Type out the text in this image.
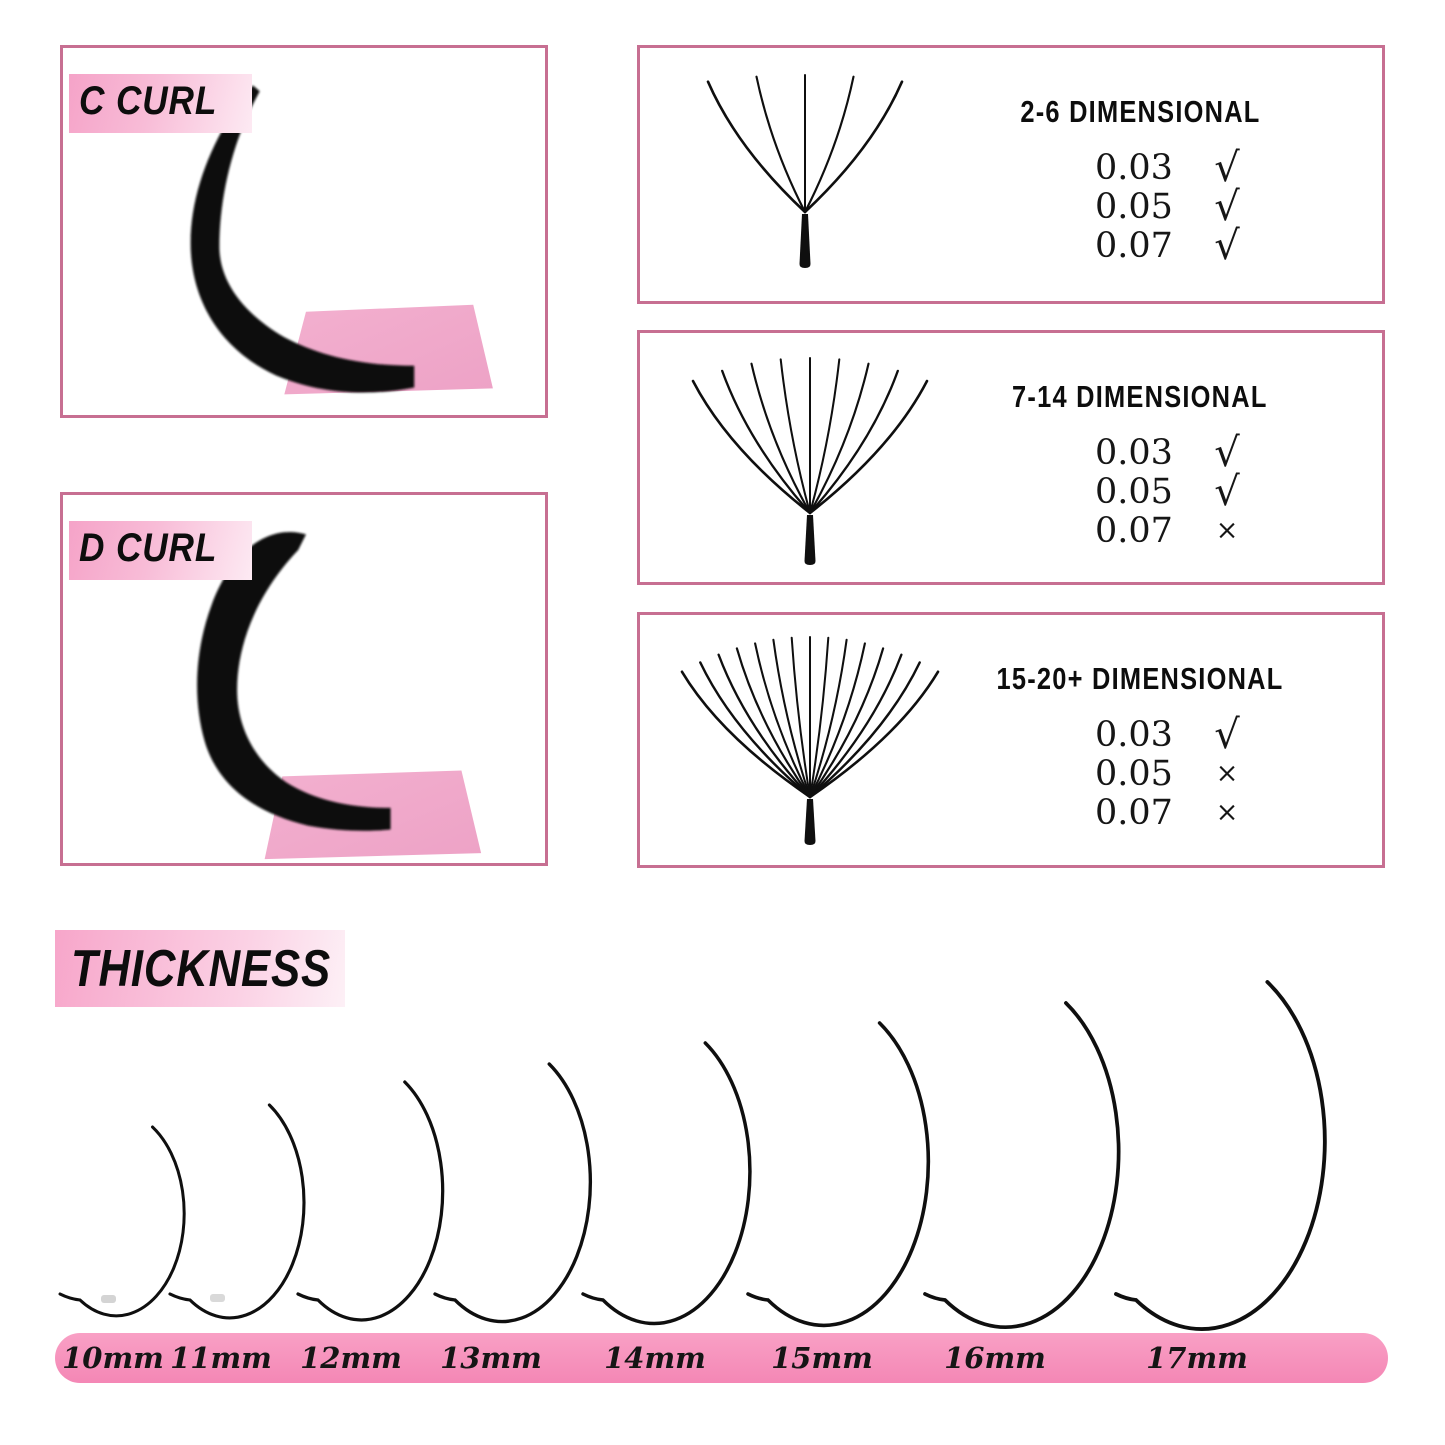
C CURL
D CURL
2-6 DIMENSIONAL
0.03	√
0.05	√
0.07	√
7-14 DIMENSIONAL
0.03	√
0.05	√
0.07	×
15-20+ DIMENSIONAL
0.03	√
0.05	×
0.07	×
THICKNESS
10mm 11mm 12mm 13mm 14mm 15mm 16mm	17mm
